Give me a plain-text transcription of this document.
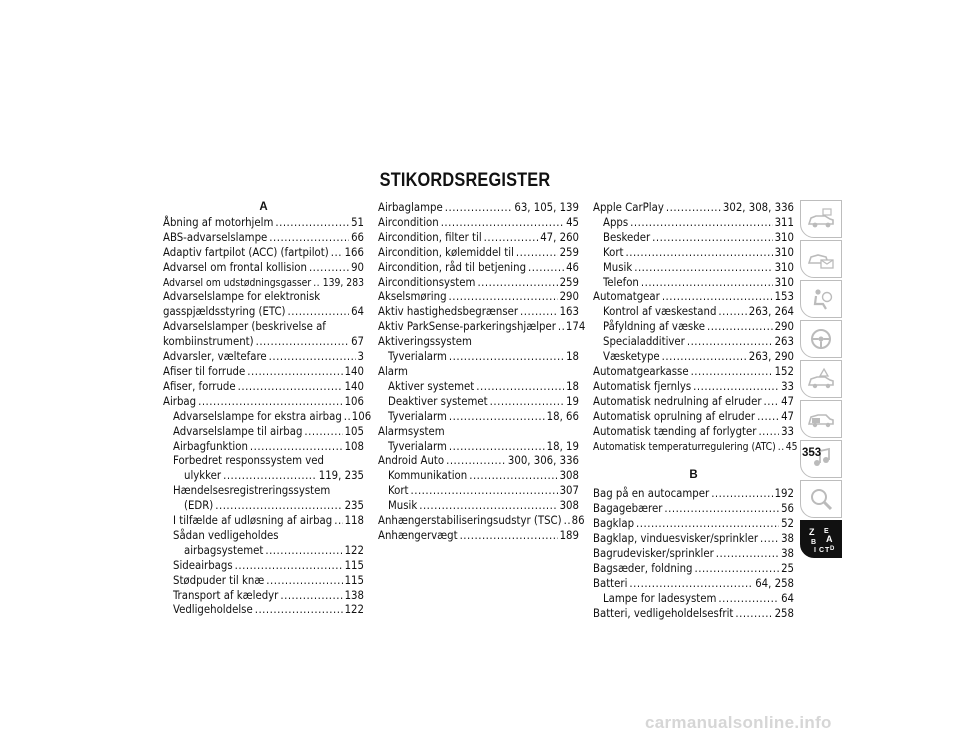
STIKORDSREGISTER
A
Åbning af motorhjelm .....	51
ABS-advarselslampe .....	66
Adaptiv fartpilot (ACC) (fartpilot) ..... 166
Advarsel om frontal kollision .....	90
Advarsel om udstødningsgasser ..... 139, 283
Advarselslampe for elektronisk
gasspjældsstyring (ETC) .....	64
Advarselslamper (beskrivelse af
kombiinstrument) .....	67
Advarsler, væltefare .....	3
Afiser til forrude .....	140
Afiser, forrude .....	140
Airbag .....	106
Advarselslampe for ekstra airbag ..... 106
Advarselslampe til airbag .....	105
Airbagfunktion .....	108
Forbedret responssystem ved
ulykker .....	119, 235
Hændelsesregistreringssystem
(EDR) .....	235
I tilfælde af udløsning af airbag ..... 118
Sådan vedligeholdes
airbagsystemet .....	122
Sideairbags .....	115
Stødpuder til knæ .....	115
Transport af kæledyr .....	138
Vedligeholdelse .....	122
Airbaglampe .....	63, 105, 139
Aircondition .....	45
Aircondition, filter til .....	47, 260
Aircondition, kølemiddel til .....	259
Aircondition, råd til betjening .....	46
Airconditionsystem .....	259
Akselsmøring .....	290
Aktiv hastighedsbegrænser .....	163
Aktiv ParkSense-parkeringshjælper ..... 174
Aktiveringssystem
Tyverialarm .....	18
Alarm
Aktiver systemet .....	18
Deaktiver systemet .....	19
Tyverialarm .....	18, 66
Alarmsystem
Tyverialarm .....	18, 19
Android Auto .....	300, 306, 336
Kommunikation .....	308
Kort .....	307
Musik .....	308
Anhængerstabiliseringsudstyr (TSC) ..... 86
Anhængervægt .....	189
Apple CarPlay .....	302, 308, 336
Apps .....	311
Beskeder .....	310
Kort .....	310
Musik .....	310
Telefon .....	310
Automatgear .....	153
Kontrol af væskestand .....	263, 264
Påfyldning af væske .....	290
Specialadditiver .....	263
Væsketype .....	263, 290
Automatgearkasse .....	152
Automatisk fjernlys .....	33
Automatisk nedrulning af elruder ..... 47
Automatisk oprulning af elruder ..... 47
Automatisk tænding af forlygter ..... 33
Automatisk temperaturregulering (ATC) ..... 45
B
Bag på en autocamper .....	192
Bagagebærer .....	56
Bagklap .....	52
Bagklap, vinduesvisker/sprinkler ..... 38
Bagrudevisker/sprinkler .....	38
Bagsæder, foldning .....	25
Batteri .....	64, 258
Lampe for ladesystem .....	64
Batteri, vedligeholdelsesfrit .....	258
Z
B
E
A
I C T D
353
carmanualsonline.info
